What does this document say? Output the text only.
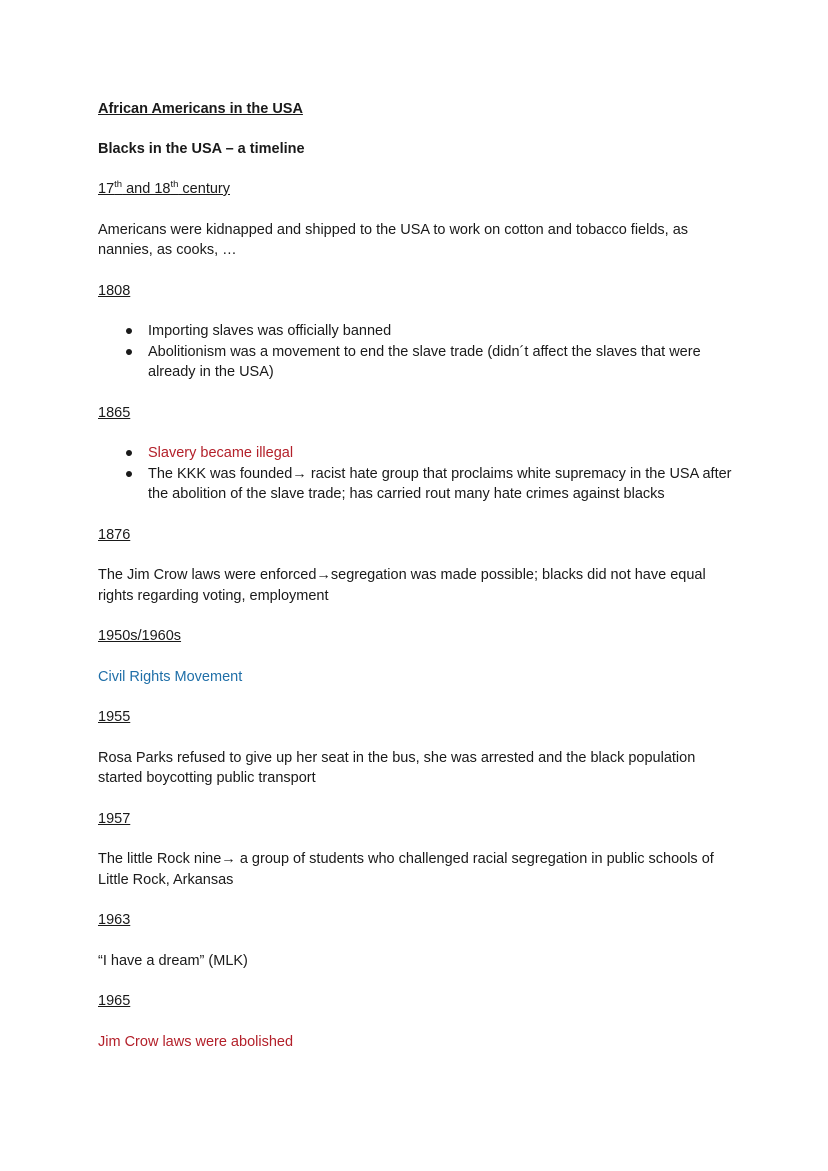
African Americans in the USA

Blacks in the USA – a timeline

17th and 18th century

Americans were kidnapped and shipped to the USA to work on cotton and tobacco fields, as nannies, as cooks, …

1808

Importing slaves was officially banned
Abolitionism was a movement to end the slave trade (didn´t affect the slaves that were already in the USA)

1865

Slavery became illegal
The KKK was founded→ racist hate group that proclaims white supremacy in the USA after the abolition of the slave trade; has carried rout many hate crimes against blacks

1876

The Jim Crow laws were enforced→segregation was made possible; blacks did not have equal rights regarding voting, employment

1950s/1960s

Civil Rights Movement

1955

Rosa Parks refused to give up her seat in the bus, she was arrested and the black population started boycotting public transport

1957

The little Rock nine→ a group of students who challenged racial segregation in public schools of Little Rock, Arkansas

1963

“I have a dream” (MLK)

1965

Jim Crow laws were abolished
